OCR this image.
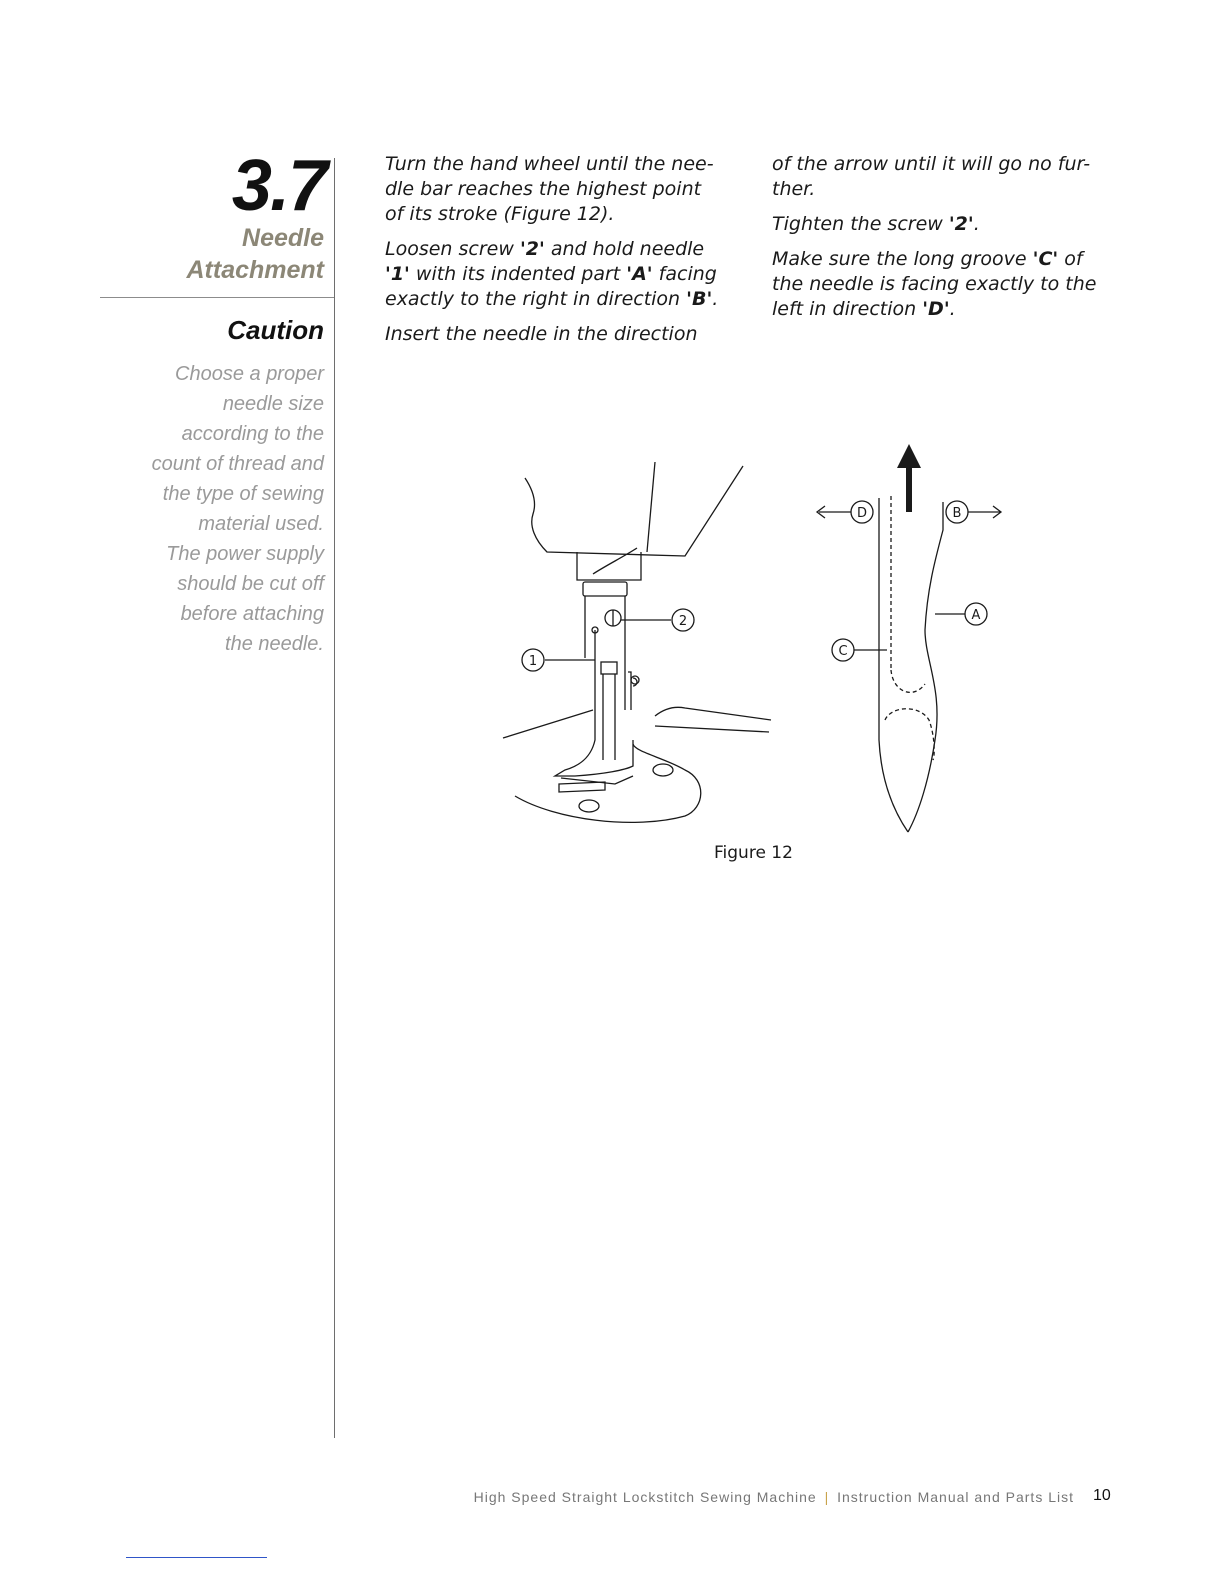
3.7
Needle
Attachment
Caution
Choose a proper
needle size
according to the
count of thread and
the type of sewing
material used.
The power supply
should be cut off
before attaching
the needle.

Turn the hand wheel until the nee-dle bar reaches the highest point of its stroke (Figure 12).

Loosen screw '2' and hold needle '1' with its indented part 'A' facing exactly to the right in direction 'B'.

Insert the needle in the direction

of the arrow until it will go no fur-ther.

Tighten the screw '2'.

Make sure the long groove 'C' of the needle is facing exactly to the left in direction 'D'.

1
2
D	B
A
C
Figure 12
High Speed Straight Lockstitch Sewing Machine | Instruction Manual and Parts List 10
